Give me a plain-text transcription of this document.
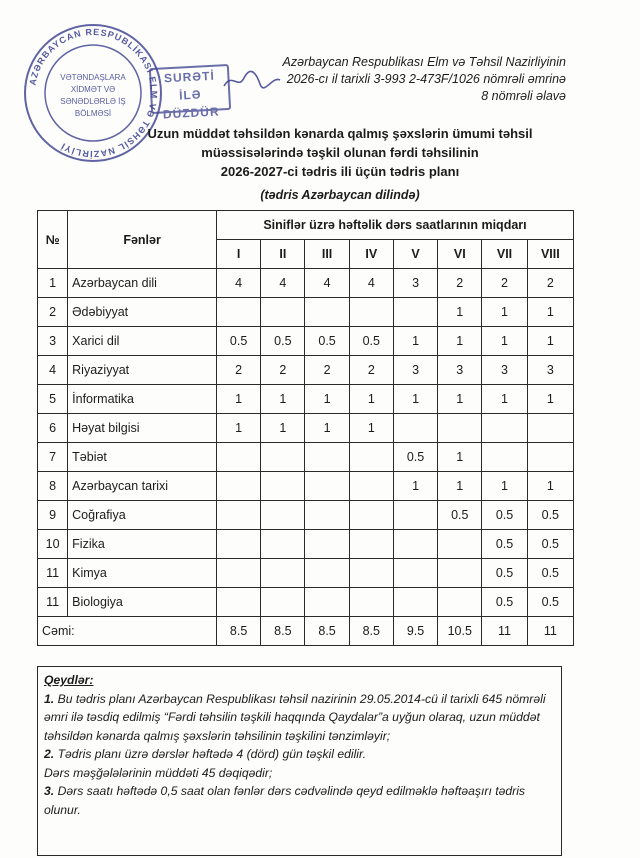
AZƏRBAYCAN RESPUBLİKASI ELM VƏ TƏHSİL NAZİRLİYİ
VƏTƏNDAŞLARA
XİDMƏT VƏ
SƏNƏDLƏRLƏ İŞ
BÖLMƏSİ
SURƏTİ İLƏ
DÜZDÜR
Azərbaycan Respublikası Elm və Təhsil Nazirliyinin
2026-cı il tarixli 3-993 2-473F/1026 nömrəli əmrinə
8 nömrəli əlavə
Uzun müddət təhsildən kənarda qalmış şəxslərin ümumi təhsil
müəssisələrində təşkil olunan fərdi təhsilinin
2026-2027-ci tədris ili üçün tədris planı
(tədris Azərbaycan dilində)
№	Fənlər	Siniflər üzrə həftəlik dərs saatlarının miqdarı							
		I	II	III	IV	V	VI	VII	VIII
1	Azərbaycan dili	4	4	4	4	3	2	2	2
2	Ədəbiyyat						1	1	1
3	Xarici dil	0.5	0.5	0.5	0.5	1	1	1	1
4	Riyaziyyat	2	2	2	2	3	3	3	3
5	İnformatika	1	1	1	1	1	1	1	1
6	Həyat bilgisi	1	1	1	1				
7	Təbiət					0.5	1		
8	Azərbaycan tarixi					1	1	1	1
9	Coğrafiya						0.5	0.5	0.5
10	Fizika							0.5	0.5
11	Kimya							0.5	0.5
11	Biologiya							0.5	0.5
Cəmi:		8.5	8.5	8.5	8.5	9.5	10.5	11	11
Qeydlər:
1. Bu tədris planı Azərbaycan Respublikası təhsil nazirinin 29.05.2014-cü il tarixli 645 nömrəli əmri ilə təsdiq edilmiş “Fərdi təhsilin təşkili haqqında Qaydalar”a uyğun olaraq, uzun müddət təhsildən kənarda qalmış şəxslərin təhsilinin təşkilini tənzimləyir;
2. Tədris planı üzrə dərslər həftədə 4 (dörd) gün təşkil edilir.
Dərs məşğələlərinin müddəti 45 dəqiqədir;
3. Dərs saatı həftədə 0,5 saat olan fənlər dərs cədvəlində qeyd edilməklə həftəaşırı tədris olunur.
